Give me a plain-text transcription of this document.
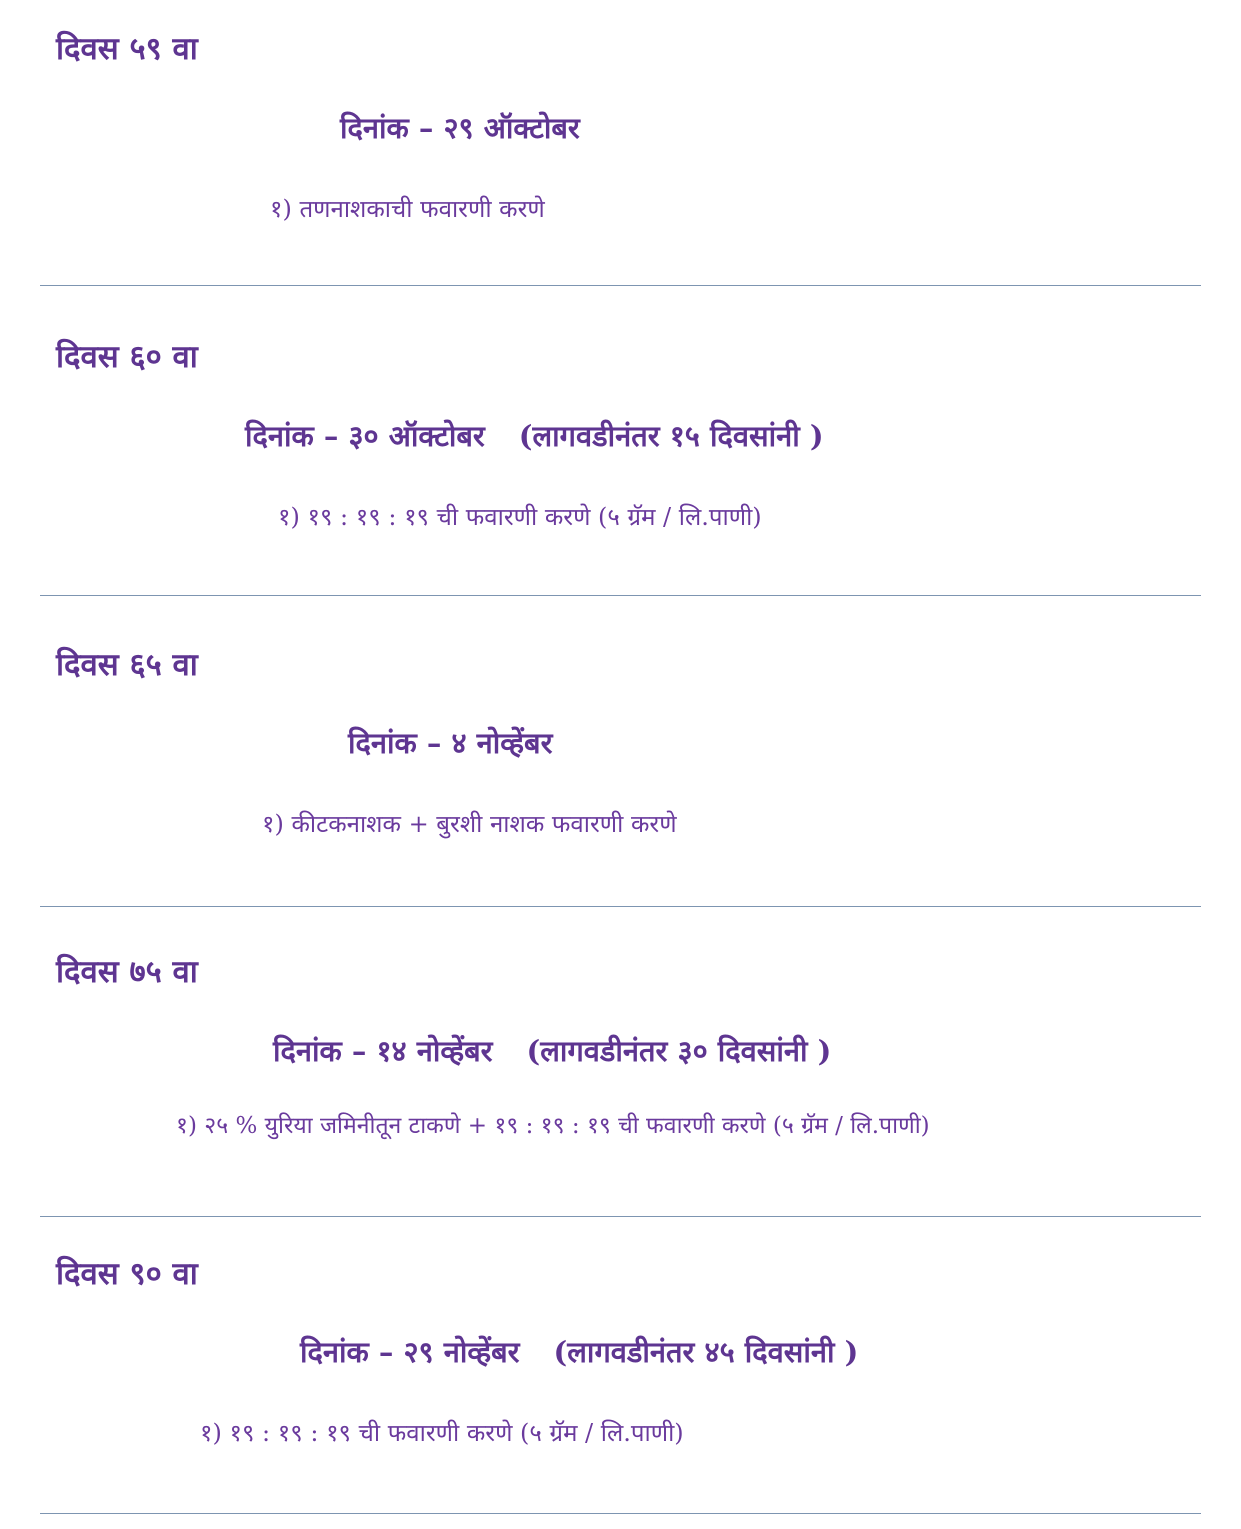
दिवस ५९ वा
दिनांक – २९ ऑक्टोबर
१) तणनाशकाची फवारणी करणे
दिवस ६० वा
दिनांक – ३० ऑक्टोबर (लागवडीनंतर १५ दिवसांनी )
१) १९ : १९ : १९ ची फवारणी करणे (५ ग्रॅम / लि.पाणी)
दिवस ६५ वा
दिनांक – ४ नोव्हेंबर
१) कीटकनाशक + बुरशी नाशक फवारणी करणे
दिवस ७५ वा
दिनांक – १४ नोव्हेंबर (लागवडीनंतर ३० दिवसांनी )
१) २५ % युरिया जमिनीतून टाकणे + १९ : १९ : १९ ची फवारणी करणे (५ ग्रॅम / लि.पाणी)
दिवस ९० वा
दिनांक – २९ नोव्हेंबर (लागवडीनंतर ४५ दिवसांनी )
१) १९ : १९ : १९ ची फवारणी करणे (५ ग्रॅम / लि.पाणी)
